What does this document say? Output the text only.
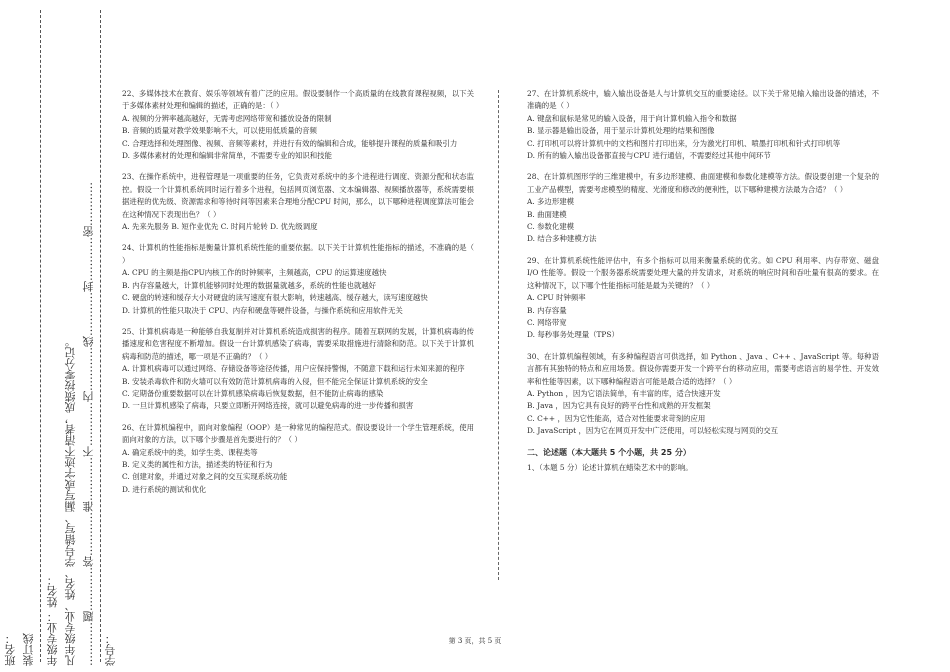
班名： 装订线 年级专业： 姓名： 凡年级专业、姓名、学号错写、漏写或字迹不清者，成绩按零分记。 …………题…………答…………准…………不…………内…………线…………封…………密………… 学号：

22、多媒体技术在教育、娱乐等领域有着广泛的应用。假设要制作一个高质量的在线教育课程视频，以下关于多媒体素材处理和编辑的描述，正确的是：（ ）

A. 视频的分辨率越高越好，无需考虑网络带宽和播放设备的限制

B. 音频的质量对教学效果影响不大，可以使用低质量的音频

C. 合理选择和处理图像、视频、音频等素材，并进行有效的编辑和合成，能够提升课程的质量和吸引力

D. 多媒体素材的处理和编辑非常简单，不需要专业的知识和技能

23、在操作系统中，进程管理是一项重要的任务，它负责对系统中的多个进程进行调度、资源分配和状态监控。假设一个计算机系统同时运行着多个进程，包括网页浏览器、文本编辑器、视频播放器等，系统需要根据进程的优先级、资源需求和等待时间等因素来合理地分配CPU 时间，那么，以下哪种进程调度算法可能会在这种情况下表现出色？（ ）

A. 先来先服务 B. 短作业优先 C. 时间片轮转 D. 优先级调度

24、计算机的性能指标是衡量计算机系统性能的重要依据。以下关于计算机性能指标的描述，不准确的是（ ）

A. CPU 的主频是指CPU内核工作的时钟频率，主频越高，CPU 的运算速度越快

B. 内存容量越大，计算机能够同时处理的数据量就越多，系统的性能也就越好

C. 硬盘的转速和缓存大小对硬盘的读写速度有很大影响，转速越高、缓存越大，读写速度越快

D. 计算机的性能只取决于 CPU、内存和硬盘等硬件设备，与操作系统和应用软件无关

25、计算机病毒是一种能够自我复制并对计算机系统造成损害的程序。随着互联网的发展，计算机病毒的传播速度和危害程度不断增加。假设一台计算机感染了病毒，需要采取措施进行清除和防范。以下关于计算机病毒和防范的描述，哪一项是不正确的？（ ）

A. 计算机病毒可以通过网络、存储设备等途径传播，用户应保持警惕，不随意下载和运行未知来源的程序

B. 安装杀毒软件和防火墙可以有效防范计算机病毒的入侵，但不能完全保证计算机系统的安全

C. 定期备份重要数据可以在计算机感染病毒后恢复数据，但不能防止病毒的感染

D. 一旦计算机感染了病毒，只要立即断开网络连接，就可以避免病毒的进一步传播和损害

26、在计算机编程中，面向对象编程（OOP）是一种常见的编程范式。假设要设计一个学生管理系统，使用面向对象的方法，以下哪个步骤是首先要进行的？（ ）

A. 确定系统中的类，如学生类、课程类等

B. 定义类的属性和方法，描述类的特征和行为

C. 创建对象，并通过对象之间的交互实现系统功能

D. 进行系统的测试和优化

27、在计算机系统中，输入输出设备是人与计算机交互的重要途径。以下关于常见输入输出设备的描述，不准确的是（ ）

A. 键盘和鼠标是常见的输入设备，用于向计算机输入指令和数据

B. 显示器是输出设备，用于显示计算机处理的结果和图像

C. 打印机可以将计算机中的文档和图片打印出来，分为激光打印机、喷墨打印机和针式打印机等

D. 所有的输入输出设备都直接与CPU 进行通信，不需要经过其他中间环节

28、在计算机图形学的三维建模中，有多边形建模、曲面建模和参数化建模等方法。假设要创建一个复杂的工业产品模型，需要考虑模型的精度、光滑度和修改的便利性，以下哪种建模方法最为合适？（ ）

A. 多边形建模

B. 曲面建模

C. 参数化建模

D. 结合多种建模方法

29、在计算机系统性能评估中，有多个指标可以用来衡量系统的优劣。如 CPU 利用率、内存带宽、磁盘 I/O 性能等。假设一个服务器系统需要处理大量的并发请求，对系统的响应时间和吞吐量有很高的要求。在这种情况下，以下哪个性能指标可能是最为关键的？（ ）

A. CPU 时钟频率

B. 内存容量

C. 网络带宽

D. 每秒事务处理量（TPS）

30、在计算机编程领域，有多种编程语言可供选择，如 Python 、Java 、C++ 、JavaScript 等。每种语言都有其独特的特点和应用场景。假设你需要开发一个跨平台的移动应用，需要考虑语言的易学性、开发效率和性能等因素，以下哪种编程语言可能是最合适的选择？（ ）

A. Python ，因为它语法简单，有丰富的库，适合快速开发

B. Java ，因为它具有良好的跨平台性和成熟的开发框架

C. C++ ，因为它性能高，适合对性能要求苛刻的应用

D. JavaScript ，因为它在网页开发中广泛使用，可以轻松实现与网页的交互

二、论述题（本大题共 5 个小题，共 25 分）

1、（本题 5 分）论述计算机在蜡染艺术中的影响。

第 3 页，共 5 页
